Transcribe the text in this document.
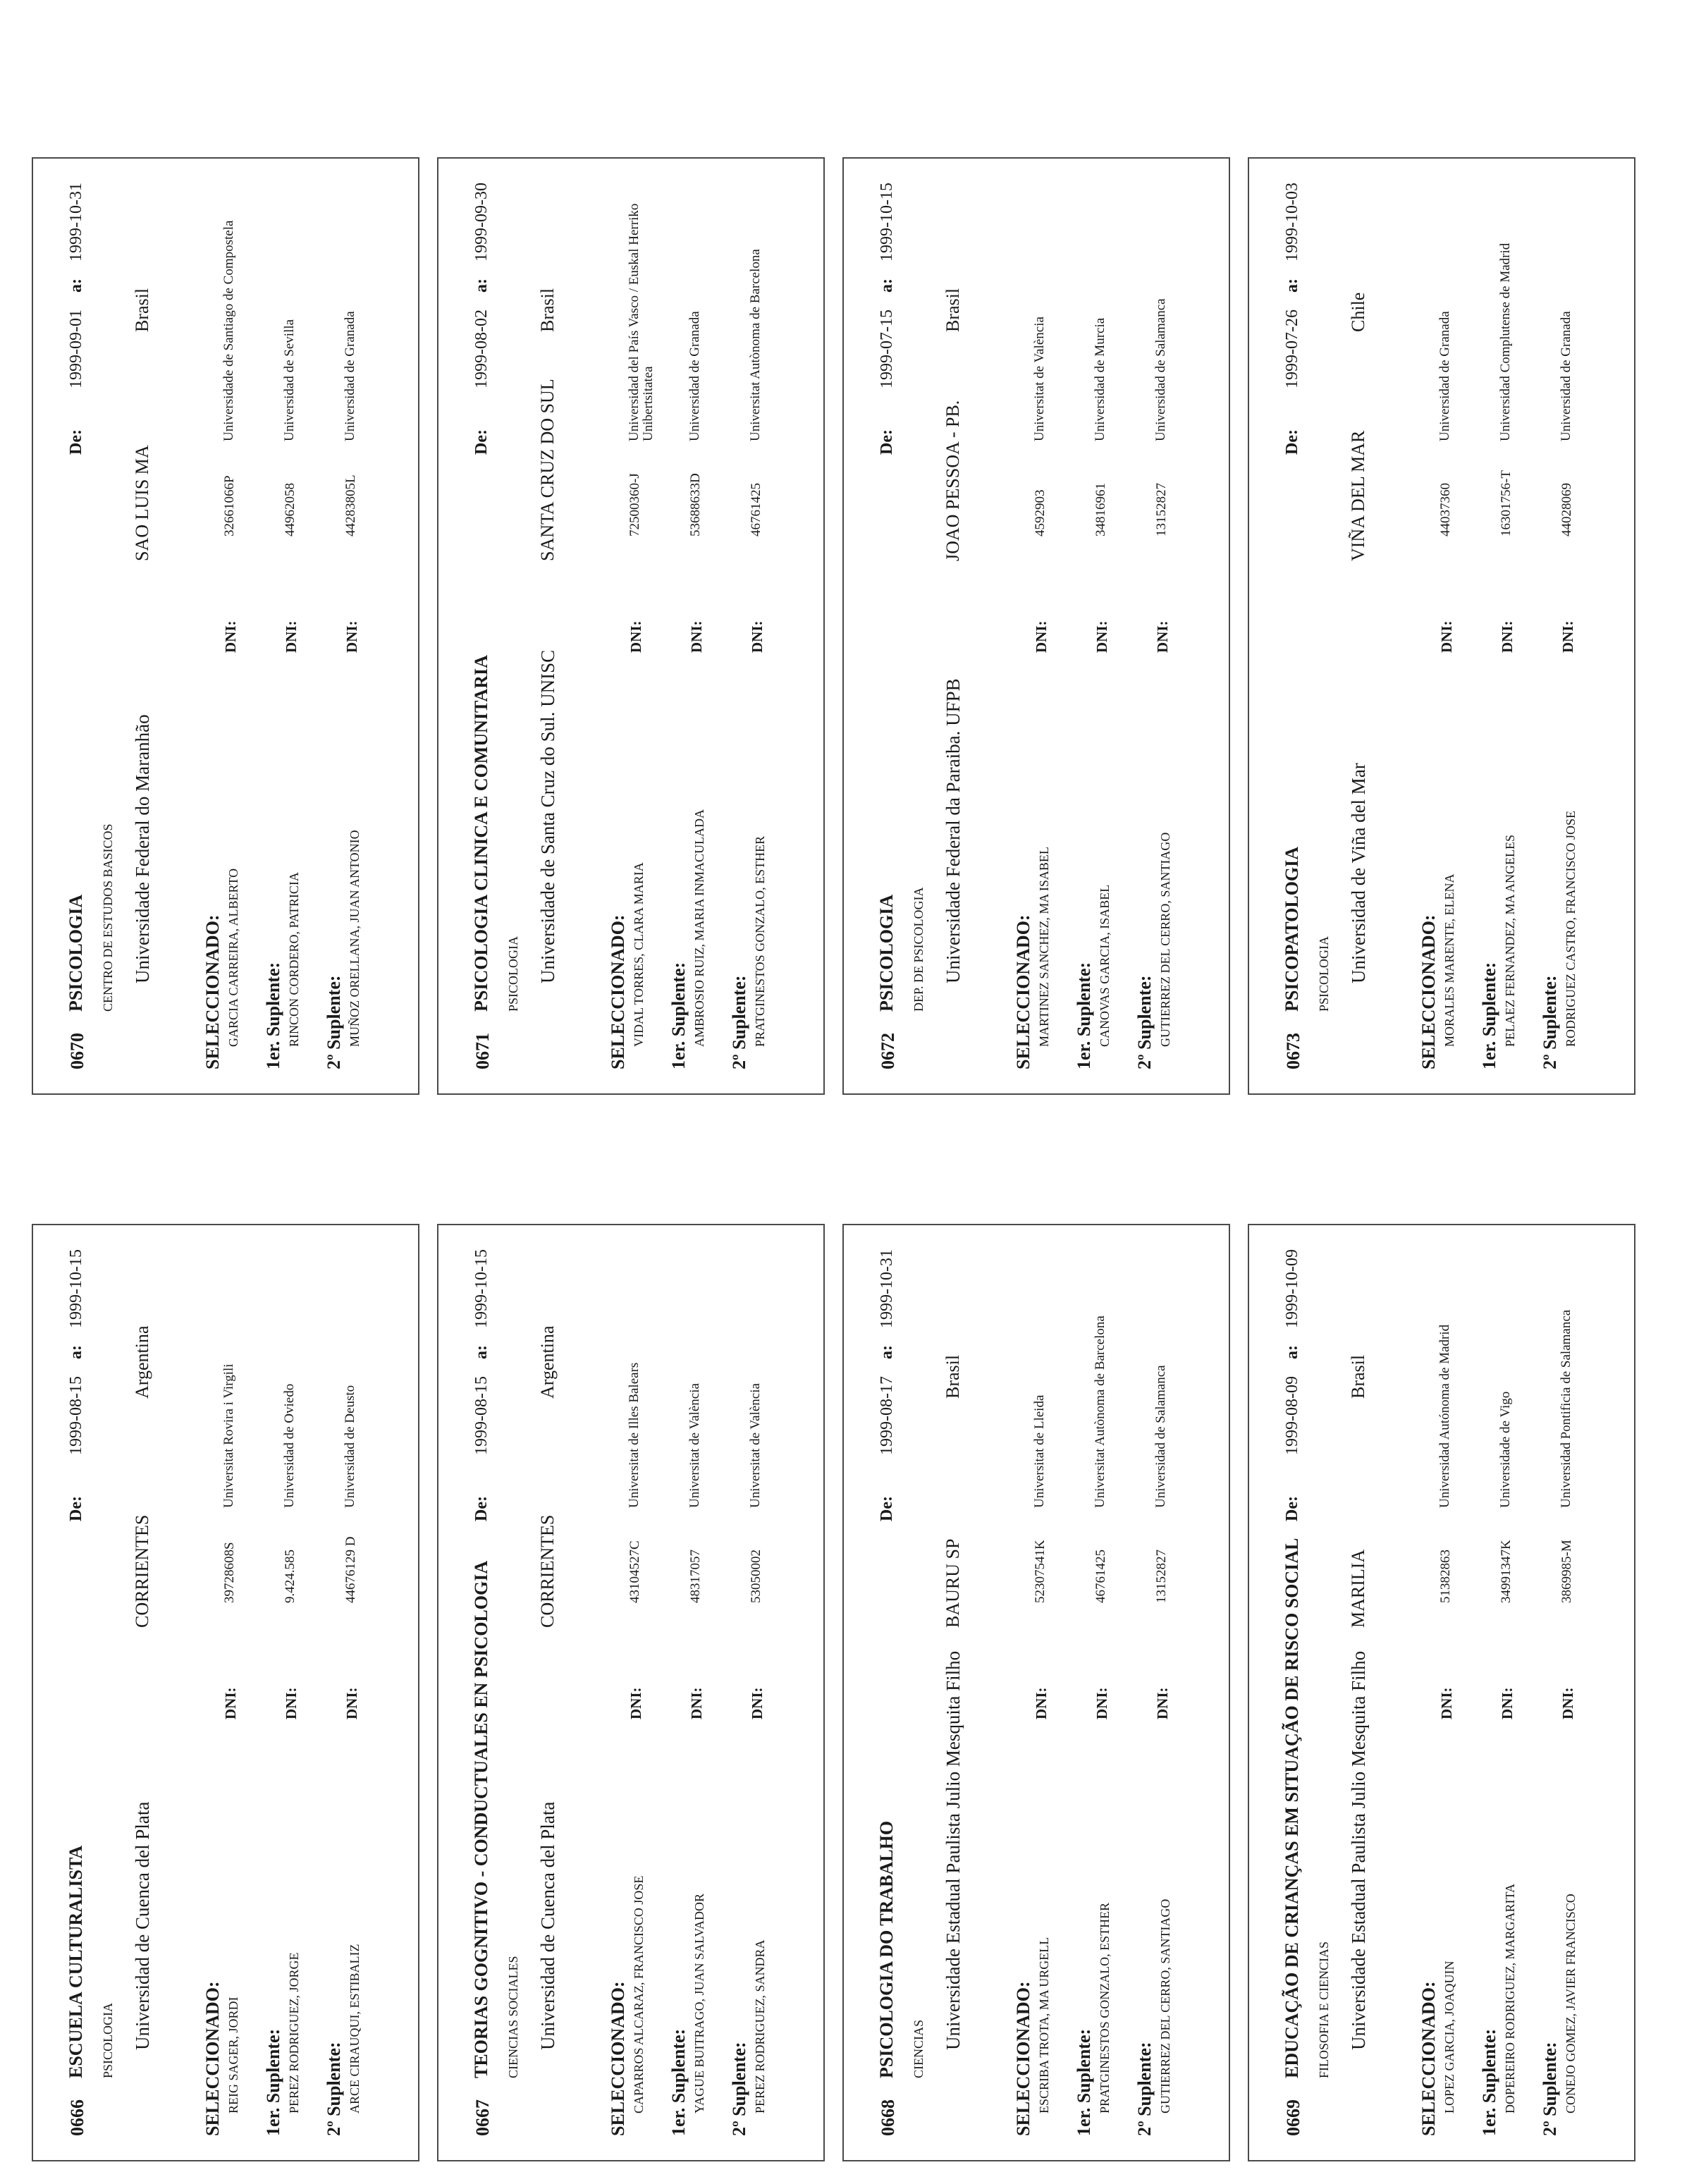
0666
ESCUELA CULTURALISTA
De:  1999-08-15    a:    1999-10-15
PSICOLOGIA Universidad de Cuenca del Plata
CORRIENTES
Argentina
SELECCIONADO: REIG SAGER, JORDI
DNI:
39728608S
Universitat Rovira i Virgili
1er. Suplente: PEREZ RODRIGUEZ, JORGE
DNI:
9.424.585
Universidad de Oviedo
2º Suplente: ARCE CIRAUQUI, ESTIBALIZ
DNI:
44676129 D
Universidad de Deusto
0667
TEORIAS GOGNITIVO - CONDUCTUALES EN PSICOLOGIA
De:  1999-08-15    a:    1999-10-15
CIENCIAS SOCIALES Universidad de Cuenca del Plata
CORRIENTES
Argentina
SELECCIONADO: CAPARROS ALCARAZ, FRANCISCO JOSE
DNI:
43104527C
Universitat de Illes Balears
1er. Suplente: YAGUE BUITRAGO, JUAN SALVADOR
DNI:
48317057
Universitat de València
2º Suplente: PEREZ RODRIGUEZ, SANDRA
DNI:
53050002
Universitat de València
0668
PSICOLOGIA DO TRABALHO
De:  1999-08-17    a:    1999-10-31
CIENCIAS Universidade Estadual Paulista Julio Mesquita Filho
BAURU SP
Brasil
SELECCIONADO: ESCRIBA TROTA, MA URGELL
DNI:
52307541K
Universitat de Lleida
1er. Suplente: PRATGINESTOS GONZALO, ESTHER
DNI:
46761425
Universitat Autònoma de Barcelona
2º Suplente: GUTIERREZ DEL CERRO, SANTIAGO
DNI:
13152827
Universidad de Salamanca
0669
EDUCAÇÃO DE CRIANÇAS EM SITUAÇÃO DE RISCO SOCIAL
De:  1999-08-09    a:    1999-10-09
FILOSOFIA E CIENCIAS Universidade Estadual Paulista Julio Mesquita Filho
MARILIA
Brasil
SELECCIONADO: LOPEZ GARCIA, JOAQUIN
DNI:
51382863
Universidad Autónoma de Madrid
1er. Suplente: DOPEREIRO RODRIGUEZ, MARGARITA
DNI:
34991347K
Universidade de Vigo
2º Suplente: CONEJO GOMEZ, JAVIER FRANCISCO
DNI:
3869985-M
Universidad Pontificia de Salamanca
0670
PSICOLOGIA
De:  1999-09-01    a:    1999-10-31
CENTRO DE ESTUDOS BASICOS Universidade Federal do Maranhão
SAO LUIS MA
Brasil
SELECCIONADO: GARCIA CARREIRA, ALBERTO
DNI:
32661066P
Universidade de Santiago de Compostela
1er. Suplente: RINCON CORDERO, PATRICIA
DNI:
44962058
Universidad de Sevilla
2º Suplente: MUÑOZ ORELLANA, JUAN ANTONIO
DNI:
44283805L
Universidad de Granada
0671
PSICOLOGIA CLINICA E COMUNITARIA
De:  1999-08-02    a:    1999-09-30
PSICOLOGIA Universidade de Santa Cruz do Sul. UNISC
SANTA CRUZ DO SUL
Brasil
SELECCIONADO: VIDAL TORRES, CLARA MARIA
DNI:
72500360-J
Universidad del País Vasco / Euskal Herriko Unibertsitatea
1er. Suplente: AMBROSIO RUIZ, MARIA INMACULADA
DNI:
53688633D
Universidad de Granada
2º Suplente: PRATGINESTOS GONZALO, ESTHER
DNI:
46761425
Universitat Autònoma de Barcelona
0672
PSICOLOGIA
De:  1999-07-15    a:    1999-10-15
DEP. DE PSICOLOGIA Universidade Federal da Paraiba. UFPB
JOAO PESSOA - PB.
Brasil
SELECCIONADO: MARTINEZ SANCHEZ, MA ISABEL
DNI:
4592903
Universitat de València
1er. Suplente: CANOVAS GARCIA, ISABEL
DNI:
34816961
Universidad de Murcia
2º Suplente: GUTIERREZ DEL CERRO, SANTIAGO
DNI:
13152827
Universidad de Salamanca
0673
PSICOPATOLOGIA
De:  1999-07-26    a:    1999-10-03
PSICOLOGIA Universidad de Viña del Mar
VIÑA DEL MAR
Chile
SELECCIONADO: MORALES MARENTE, ELENA
DNI:
44037360
Universidad de Granada
1er. Suplente: PELAEZ FERNANDEZ, MA ANGELES
DNI:
16301756-T
Universidad Complutense de Madrid
2º Suplente: RODRIGUEZ CASTRO, FRANCISCO JOSE
DNI:
44028069
Universidad de Granada
